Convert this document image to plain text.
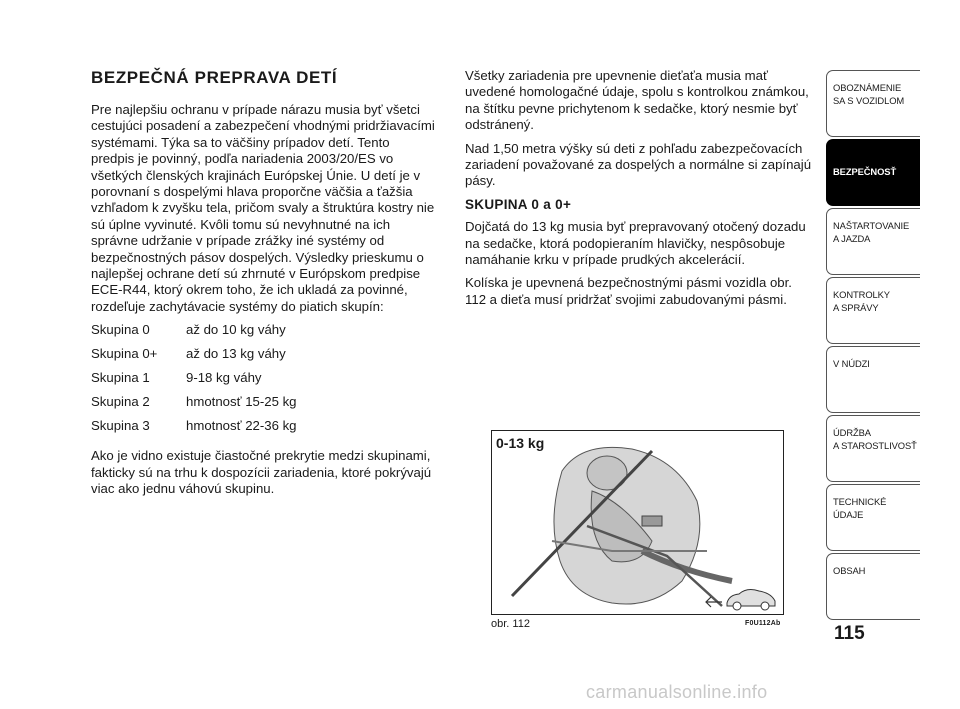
BEZPEČNÁ PREPRAVA DETÍ

Pre najlepšiu ochranu v prípade nárazu musia byť všetci cestujúci posadení a zabezpečení vhodnými pridržiavacími systémami. Týka sa to väčšiny prípadov detí. Tento predpis je povinný, podľa nariadenia 2003/20/ES vo všetkých členských krajinách Európskej Únie. U detí je v porovnaní s dospelými hlava proporčne väčšia a ťažšia vzhľadom k zvyšku tela, pričom svaly a štruktúra kostry nie sú úplne vyvinuté. Kvôli tomu sú nevyhnutné na ich správne udržanie v prípade zrážky iné systémy od bezpečnostných pásov dospelých. Výsledky prieskumu o najlepšej ochrane detí sú zhrnuté v Európskom predpise ECE-R44, ktorý okrem toho, že ich ukladá za povinné, rozdeľuje zachytávacie systémy do piatich skupín:

Skupina 0	až do 10 kg váhy
Skupina 0+	až do 13 kg váhy
Skupina 1	9-18 kg váhy
Skupina 2	hmotnosť 15-25 kg
Skupina 3	hmotnosť 22-36 kg

Ako je vidno existuje čiastočné prekrytie medzi skupinami, fakticky sú na trhu k dospozícii zariadenia, ktoré pokrývajú viac ako jednu váhovú skupinu.

Všetky zariadenia pre upevnenie dieťaťa musia mať uvedené homologačné údaje, spolu s kontrolkou známkou, na štítku pevne prichytenom k sedačke, ktorý nesmie byť odstránený.

Nad 1,50 metra výšky sú deti z pohľadu zabezpečovacích zariadení považované za dospelých a normálne si zapínajú pásy.

SKUPINA 0 a 0+

Dojčatá do 13 kg musia byť prepravovaný otočený dozadu na sedačke, ktorá podopieraním hlavičky, nespôsobuje namáhanie krku v prípade prudkých akcelerácií.

Kolíska je upevnená bezpečnostnými pásmi vozidla obr. 112 a dieťa musí pridržať svojimi zabudovanými pásmi.

0-13 kg
obr. 112	F0U112Ab
OBOZNÁMENIE
SA S VOZIDLOM
BEZPEČNOSŤ
NAŠTARTOVANIE
A JAZDA
KONTROLKY
A SPRÁVY
V NÚDZI
ÚDRŽBA
A STAROSTLIVOSŤ
TECHNICKÉ
ÚDAJE
OBSAH
115
carmanualsonline.info
